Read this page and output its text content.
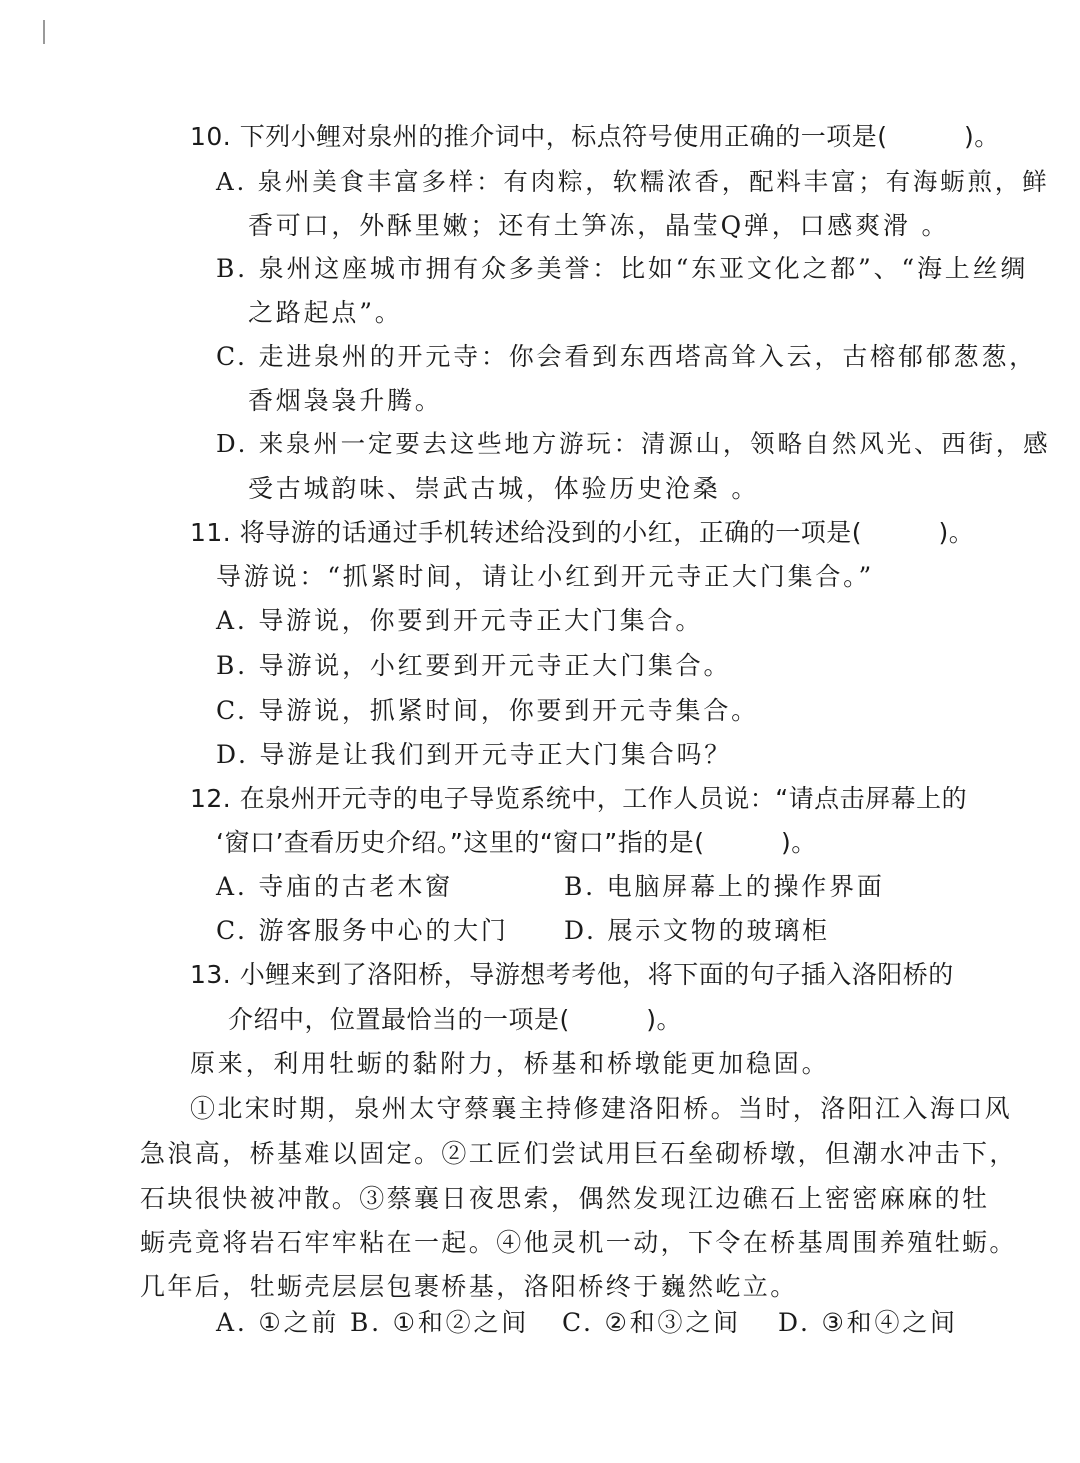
10. 下列小鲤对泉州的推介词中，标点符号使用正确的一项是(　　　)。
A. 泉州美食丰富多样：有肉粽，软糯浓香，配料丰富；有海蛎煎，鲜
香可口，外酥里嫩；还有土笋冻，晶莹Q弹，口感爽滑 。
B. 泉州这座城市拥有众多美誉：比如“东亚文化之都”、“海上丝绸
之路起点”。
C. 走进泉州的开元寺：你会看到东西塔高耸入云，古榕郁郁葱葱，
香烟袅袅升腾。
D. 来泉州一定要去这些地方游玩：清源山，领略自然风光、西街，感
受古城韵味、崇武古城，体验历史沧桑 。
11. 将导游的话通过手机转述给没到的小红，正确的一项是(　　　)。
导游说：“抓紧时间，请让小红到开元寺正大门集合。”
A. 导游说，你要到开元寺正大门集合。
B. 导游说，小红要到开元寺正大门集合。
C. 导游说，抓紧时间，你要到开元寺集合。
D. 导游是让我们到开元寺正大门集合吗？
12. 在泉州开元寺的电子导览系统中，工作人员说：“请点击屏幕上的
‘窗口’查看历史介绍。”这里的“窗口”指的是(　　　)。
A. 寺庙的古老木窗	B. 电脑屏幕上的操作界面
C. 游客服务中心的大门 D. 展示文物的玻璃柜
13. 小鲤来到了洛阳桥，导游想考考他，将下面的句子插入洛阳桥的
介绍中，位置最恰当的一项是(　　　)。
原来，利用牡蛎的黏附力，桥基和桥墩能更加稳固。
①北宋时期，泉州太守蔡襄主持修建洛阳桥。当时，洛阳江入海口风
急浪高，桥基难以固定。②工匠们尝试用巨石垒砌桥墩，但潮水冲击下，
石块很快被冲散。③蔡襄日夜思索，偶然发现江边礁石上密密麻麻的牡
蛎壳竟将岩石牢牢粘在一起。④他灵机一动，下令在桥基周围养殖牡蛎。
几年后，牡蛎壳层层包裹桥基，洛阳桥终于巍然屹立。
A. ①之前 B. ①和②之间 C. ②和③之间 D. ③和④之间
